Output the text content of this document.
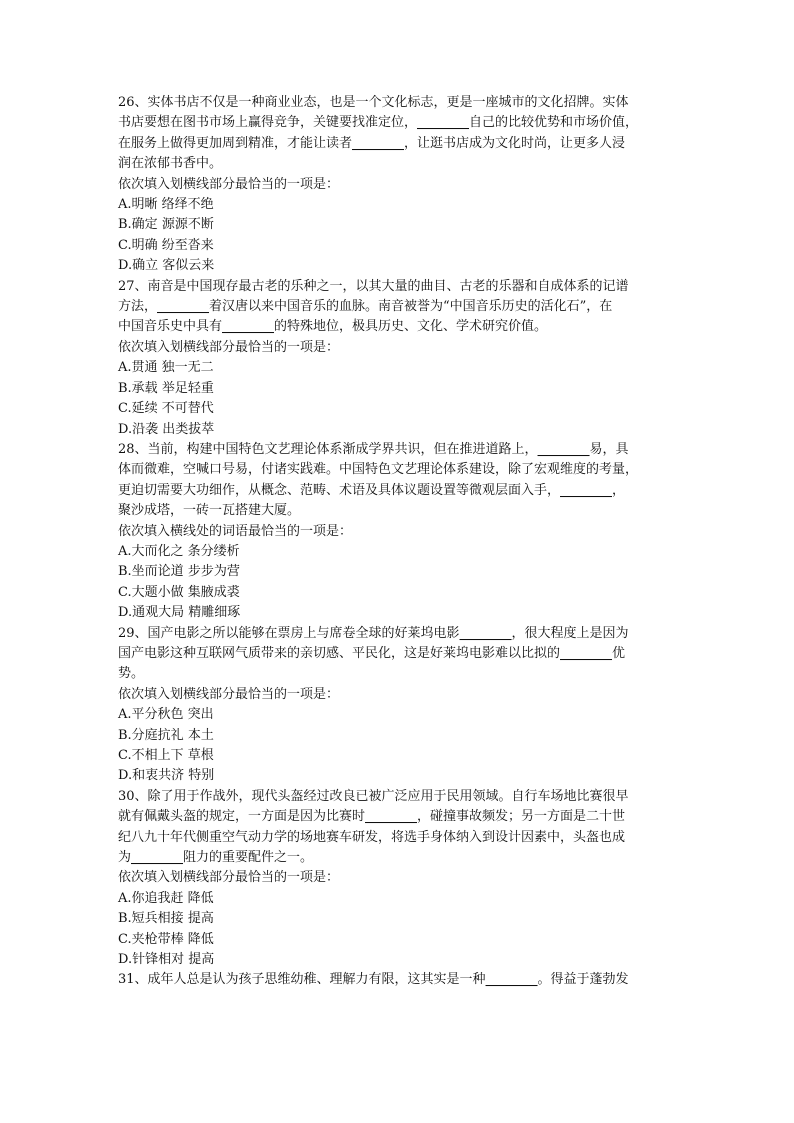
26、实体书店不仅是一种商业业态，也是一个文化标志，更是一座城市的文化招牌。实体
书店要想在图书市场上赢得竞争，关键要找准定位，________自己的比较优势和市场价值，
在服务上做得更加周到精准，才能让读者________，让逛书店成为文化时尚，让更多人浸
润在浓郁书香中。
依次填入划横线部分最恰当的一项是：
A.明晰 络绎不绝
B.确定 源源不断
C.明确 纷至沓来
D.确立 客似云来
27、南音是中国现存最古老的乐种之一，以其大量的曲目、古老的乐器和自成体系的记谱
方法，________着汉唐以来中国音乐的血脉。南音被誉为“中国音乐历史的活化石”，在
中国音乐史中具有________的特殊地位，极具历史、文化、学术研究价值。
依次填入划横线部分最恰当的一项是：
A.贯通 独一无二
B.承载 举足轻重
C.延续 不可替代
D.沿袭 出类拔萃
28、当前，构建中国特色文艺理论体系渐成学界共识，但在推进道路上，________易，具
体而微难，空喊口号易，付诸实践难。中国特色文艺理论体系建设，除了宏观维度的考量，
更迫切需要大功细作，从概念、范畴、术语及具体议题设置等微观层面入手，________，
聚沙成塔，一砖一瓦搭建大厦。
依次填入横线处的词语最恰当的一项是：
A.大而化之 条分缕析
B.坐而论道 步步为营
C.大题小做 集腋成裘
D.通观大局 精雕细琢
29、国产电影之所以能够在票房上与席卷全球的好莱坞电影________，很大程度上是因为
国产电影这种互联网气质带来的亲切感、平民化，这是好莱坞电影难以比拟的________优
势。
依次填入划横线部分最恰当的一项是：
A.平分秋色 突出
B.分庭抗礼 本土
C.不相上下 草根
D.和衷共济 特别
30、除了用于作战外，现代头盔经过改良已被广泛应用于民用领域。自行车场地比赛很早
就有佩戴头盔的规定，一方面是因为比赛时________，碰撞事故频发；另一方面是二十世
纪八九十年代侧重空气动力学的场地赛车研发，将选手身体纳入到设计因素中，头盔也成
为________阻力的重要配件之一。
依次填入划横线部分最恰当的一项是：
A.你追我赶 降低
B.短兵相接 提高
C.夹枪带棒 降低
D.针锋相对 提高
31、成年人总是认为孩子思维幼稚、理解力有限，这其实是一种________。得益于蓬勃发
